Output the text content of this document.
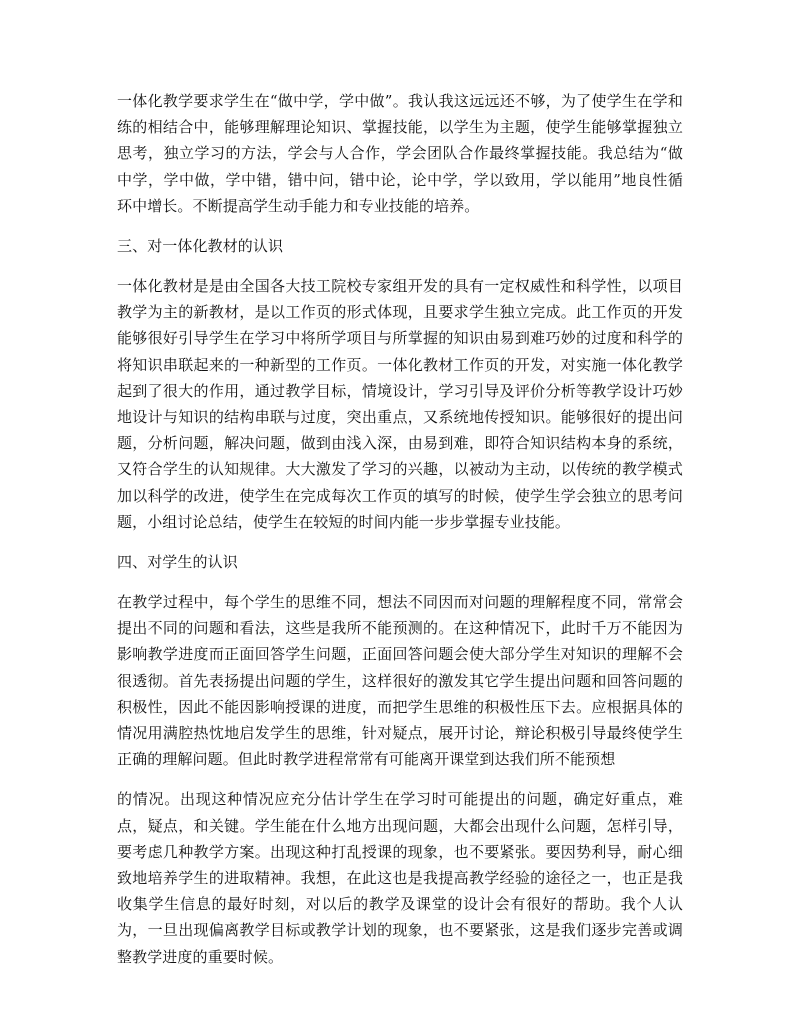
一体化教学要求学生在“做中学，学中做”。我认我这远远还不够，为了使学生在学和练的相结合中，能够理解理论知识、掌握技能，以学生为主题，使学生能够掌握独立思考，独立学习的方法，学会与人合作，学会团队合作最终掌握技能。我总结为“做中学，学中做，学中错，错中问，错中论，论中学，学以致用，学以能用”地良性循环中增长。不断提高学生动手能力和专业技能的培养。

三、对一体化教材的认识

一体化教材是是由全国各大技工院校专家组开发的具有一定权威性和科学性，以项目教学为主的新教材，是以工作页的形式体现，且要求学生独立完成。此工作页的开发能够很好引导学生在学习中将所学项目与所掌握的知识由易到难巧妙的过度和科学的将知识串联起来的一种新型的工作页。一体化教材工作页的开发，对实施一体化教学起到了很大的作用，通过教学目标，情境设计，学习引导及评价分析等教学设计巧妙地设计与知识的结构串联与过度，突出重点，又系统地传授知识。能够很好的提出问题，分析问题，解决问题，做到由浅入深，由易到难，即符合知识结构本身的系统，又符合学生的认知规律。大大激发了学习的兴趣，以被动为主动，以传统的教学模式加以科学的改进，使学生在完成每次工作页的填写的时候，使学生学会独立的思考问题，小组讨论总结，使学生在较短的时间内能一步步掌握专业技能。

四、对学生的认识

在教学过程中，每个学生的思维不同，想法不同因而对问题的理解程度不同，常常会提出不同的问题和看法，这些是我所不能预测的。在这种情况下，此时千万不能因为影响教学进度而正面回答学生问题，正面回答问题会使大部分学生对知识的理解不会很透彻。首先表扬提出问题的学生，这样很好的激发其它学生提出问题和回答问题的积极性，因此不能因影响授课的进度，而把学生思维的积极性压下去。应根据具体的情况用满腔热忱地启发学生的思维，针对疑点，展开讨论，辩论积极引导最终使学生正确的理解问题。但此时教学进程常常有可能离开课堂到达我们所不能预想

的情况。出现这种情况应充分估计学生在学习时可能提出的问题，确定好重点，难点，疑点，和关键。学生能在什么地方出现问题，大都会出现什么问题，怎样引导，要考虑几种教学方案。出现这种打乱授课的现象，也不要紧张。要因势利导，耐心细致地培养学生的进取精神。我想，在此这也是我提高教学经验的途径之一，也正是我收集学生信息的最好时刻，对以后的教学及课堂的设计会有很好的帮助。我个人认为，一旦出现偏离教学目标或教学计划的现象，也不要紧张，这是我们逐步完善或调整教学进度的重要时候。
